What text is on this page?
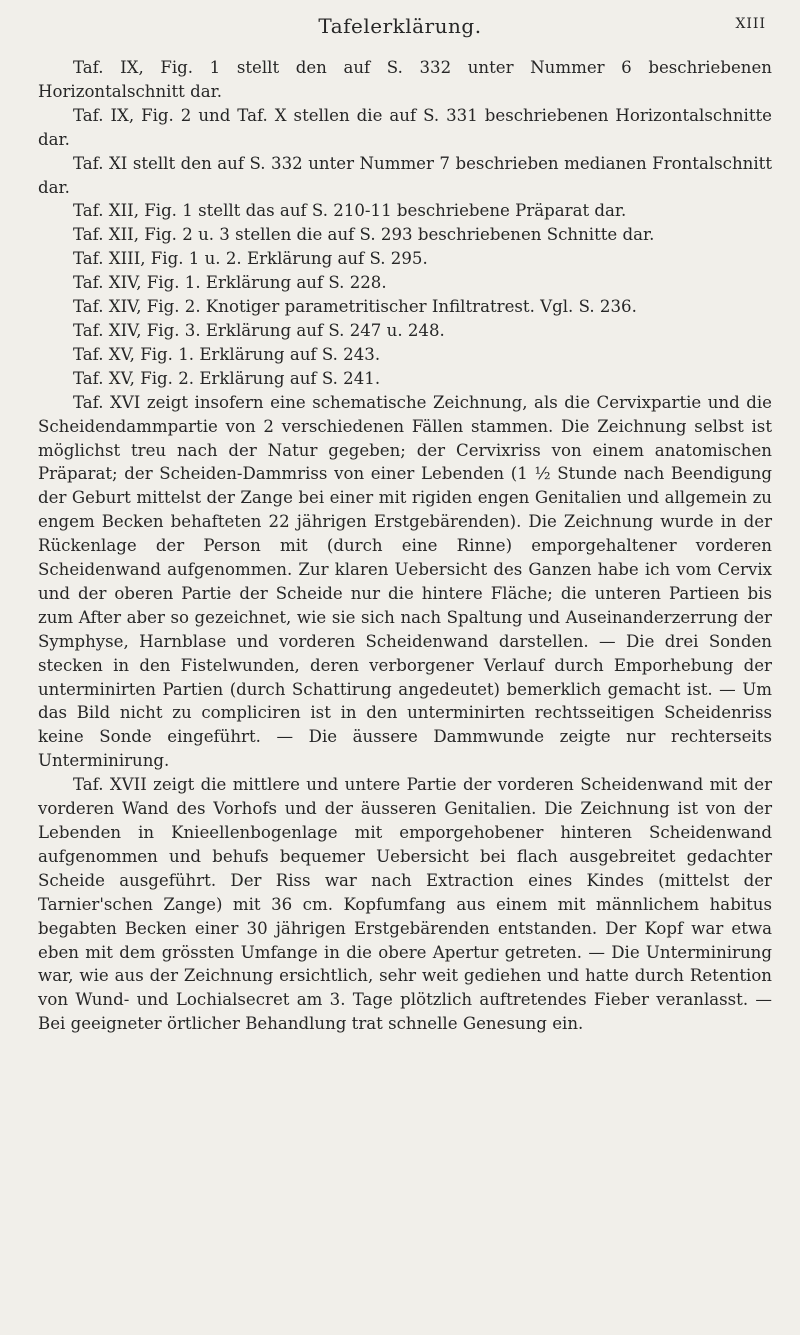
Tafelerklärung.	XIII

Taf. IX, Fig. 1 stellt den auf S. 332 unter Nummer 6 beschriebenen Horizontalschnitt dar.

Taf. IX, Fig. 2 und Taf. X stellen die auf S. 331 beschriebenen Horizontalschnitte dar.

Taf. XI stellt den auf S. 332 unter Nummer 7 beschrieben medianen Frontalschnitt dar.

Taf. XII, Fig. 1 stellt das auf S. 210-11 beschriebene Präparat dar.

Taf. XII, Fig. 2 u. 3 stellen die auf S. 293 beschriebenen Schnitte dar.

Taf. XIII, Fig. 1 u. 2. Erklärung auf S. 295.

Taf. XIV, Fig. 1. Erklärung auf S. 228.

Taf. XIV, Fig. 2. Knotiger parametritischer Infiltratrest. Vgl. S. 236.

Taf. XIV, Fig. 3. Erklärung auf S. 247 u. 248.

Taf. XV, Fig. 1. Erklärung auf S. 243.

Taf. XV, Fig. 2. Erklärung auf S. 241.

Taf. XVI zeigt insofern eine schematische Zeichnung, als die Cervixpartie und die Scheidendammpartie von 2 verschiedenen Fällen stammen. Die Zeichnung selbst ist möglichst treu nach der Natur gegeben; der Cervixriss von einem anatomischen Präparat; der Scheiden-Dammriss von einer Lebenden (1 ½ Stunde nach Beendigung der Geburt mittelst der Zange bei einer mit rigiden engen Genitalien und allgemein zu engem Becken behafteten 22 jährigen Erstgebärenden). Die Zeichnung wurde in der Rückenlage der Person mit (durch eine Rinne) emporgehaltener vorderen Scheidenwand aufgenommen. Zur klaren Uebersicht des Ganzen habe ich vom Cervix und der oberen Partie der Scheide nur die hintere Fläche; die unteren Partieen bis zum After aber so gezeichnet, wie sie sich nach Spaltung und Auseinanderzerrung der Symphyse, Harnblase und vorderen Scheidenwand darstellen. — Die drei Sonden stecken in den Fistelwunden, deren verborgener Verlauf durch Emporhebung der unterminirten Partien (durch Schattirung angedeutet) bemerklich gemacht ist. — Um das Bild nicht zu compliciren ist in den unterminirten rechtsseitigen Scheidenriss keine Sonde eingeführt. — Die äussere Dammwunde zeigte nur rechterseits Unterminirung.

Taf. XVII zeigt die mittlere und untere Partie der vorderen Scheidenwand mit der vorderen Wand des Vorhofs und der äusseren Genitalien. Die Zeichnung ist von der Lebenden in Knieellenbogenlage mit emporgehobener hinteren Scheidenwand aufgenommen und behufs bequemer Uebersicht bei flach ausgebreitet gedachter Scheide ausgeführt. Der Riss war nach Extraction eines Kindes (mittelst der Tarnier'schen Zange) mit 36 cm. Kopfumfang aus einem mit männlichem habitus begabten Becken einer 30 jährigen Erstgebärenden entstanden. Der Kopf war etwa eben mit dem grössten Umfange in die obere Apertur getreten. — Die Unterminirung war, wie aus der Zeichnung ersichtlich, sehr weit gediehen und hatte durch Retention von Wund- und Lochialsecret am 3. Tage plötzlich auftretendes Fieber veranlasst. — Bei geeigneter örtlicher Behandlung trat schnelle Genesung ein.
